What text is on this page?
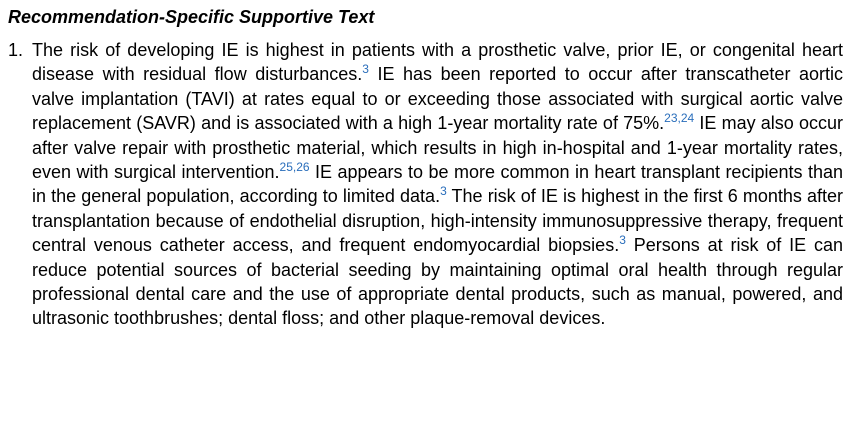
Recommendation-Specific Supportive Text
1. The risk of developing IE is highest in patients with a prosthetic valve, prior IE, or congenital heart disease with residual flow disturbances.$^3$ IE has been reported to occur after transcatheter aortic valve implantation (TAVI) at rates equal to or exceeding those associated with surgical aortic valve replacement (SAVR) and is associated with a high 1-year mortality rate of 75%.$^{23,24}$ IE may also occur after valve repair with prosthetic material, which results in high in-hospital and 1-year mortality rates, even with surgical intervention.$^{25,26}$ IE appears to be more common in heart transplant recipients than in the general population, according to limited data.$^3$ The risk of IE is highest in the first 6 months after transplantation because of endothelial disruption, high-intensity immunosuppressive therapy, frequent central venous catheter access, and frequent endomyocardial biopsies.$^3$ Persons at risk of IE can reduce potential sources of bacterial seeding by maintaining optimal oral health through regular professional dental care and the use of appropriate dental products, such as manual, powered, and ultrasonic toothbrushes; dental floss; and other plaque-removal devices.
